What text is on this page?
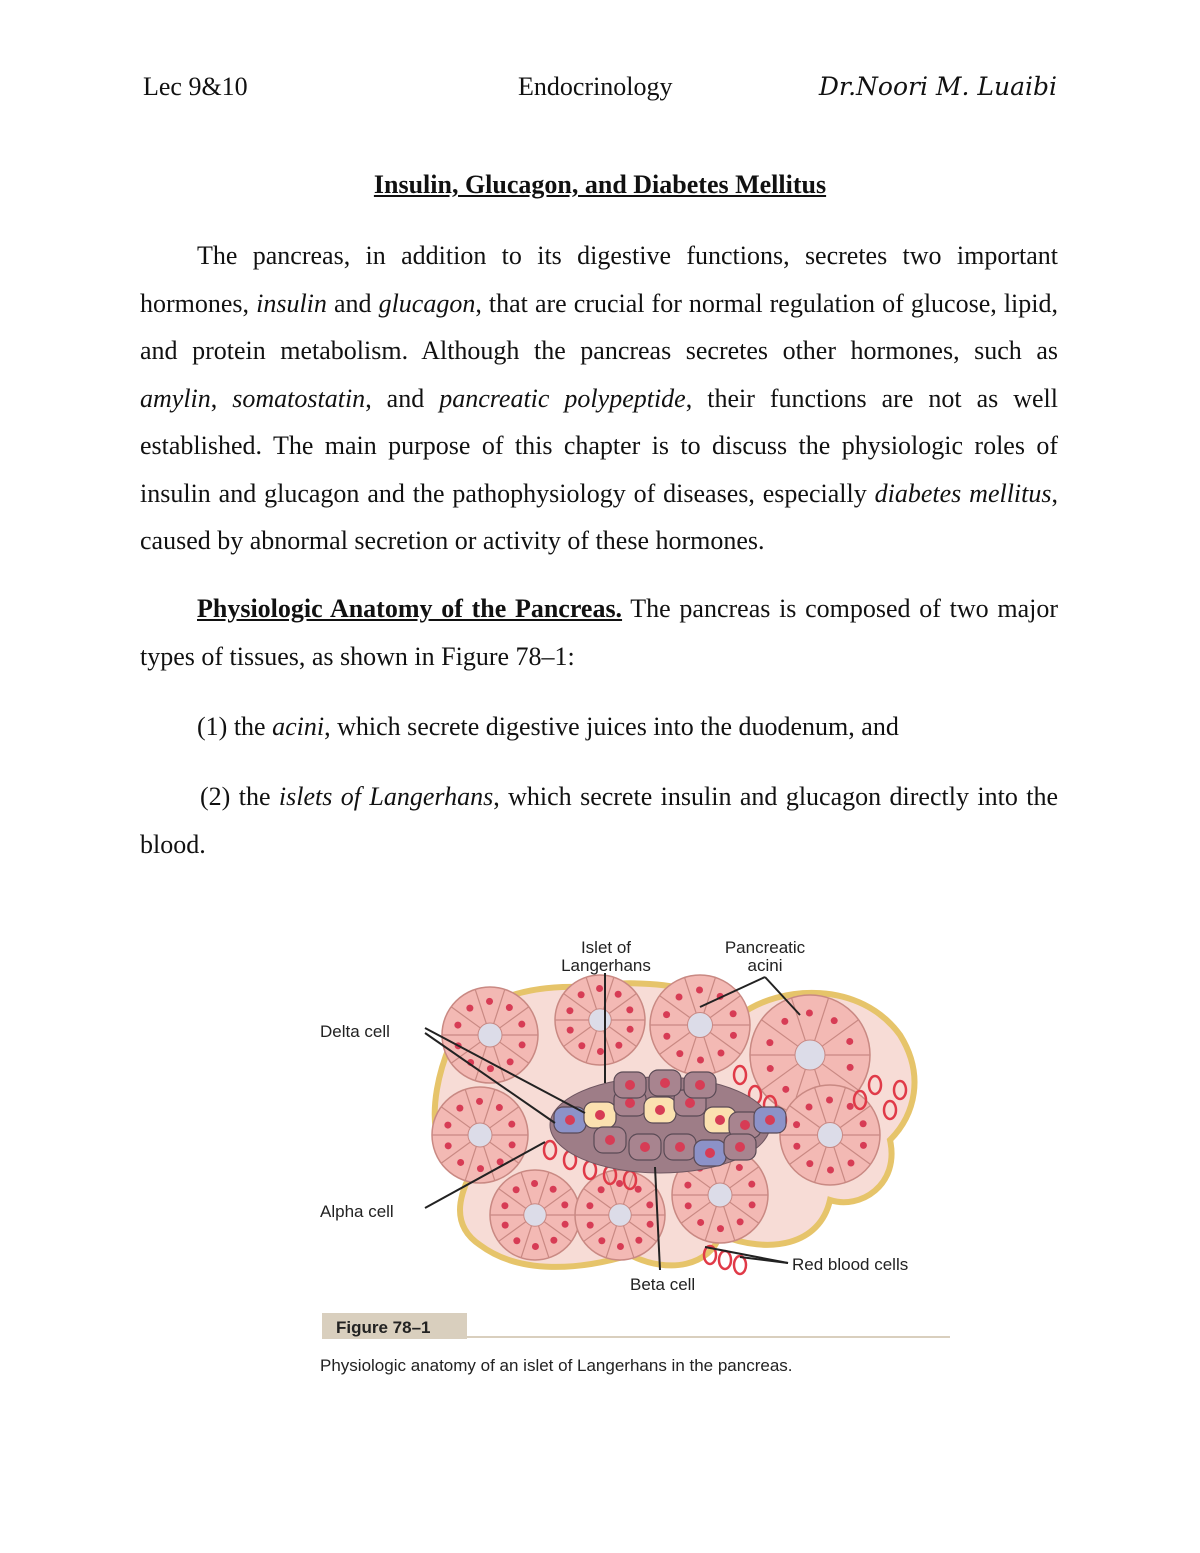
Lec 9&10	Endocrinology	Dr.Noori M. Luaibi
Insulin, Glucagon, and Diabetes Mellitus
The pancreas, in addition to its digestive functions, secretes two important hormones, insulin and glucagon, that are crucial for normal regulation of glucose, lipid, and protein metabolism. Although the pancreas secretes other hormones, such as amylin, somatostatin, and pancreatic polypeptide, their functions are not as well established. The main purpose of this chapter is to discuss the physiologic roles of insulin and glucagon and the pathophysiology of diseases, especially diabetes mellitus, caused by abnormal secretion or activity of these hormones.
Physiologic Anatomy of the Pancreas. The pancreas is composed of two major types of tissues, as shown in Figure 78–1:
(1) the acini, which secrete digestive juices into the duodenum, and
(2) the islets of Langerhans, which secrete insulin and glucagon directly into the blood.
Islet of
Langerhans
Pancreatic
acini
Delta cell
Alpha cell
Beta cell
Red blood cells
Figure 78–1
Physiologic anatomy of an islet of Langerhans in the pancreas.
